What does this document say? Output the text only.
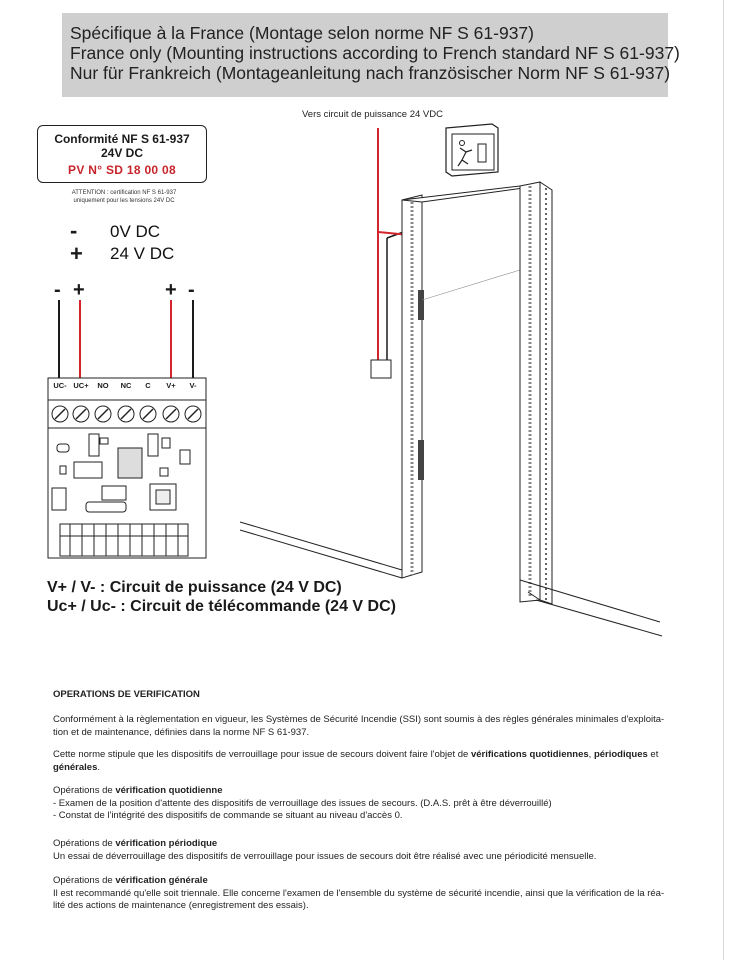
Spécifique à la France (Montage selon norme NF S 61-937)
France only (Mounting instructions according to French standard NF S 61-937)
Nur für Frankreich (Montageanleitung nach französischer Norm NF S 61-937)
Conformité NF S 61-937
24V DC
PV N° SD 18 00 08
ATTENTION : certification NF S 61-937
uniquement pour les tensions 24V DC
- 0V DC
+ 24 V DC
- +	+ -
Vers circuit de puissance 24 VDC
UC- UC+	NO	NC	C	V+	V-
V+ / V- : Circuit de puissance (24 V DC)
Uc+ / Uc- : Circuit de télécommande (24 V DC)
OPERATIONS DE VERIFICATION
Conformément à la règlementation en vigueur, les Systèmes de Sécurité Incendie (SSI) sont soumis à des règles générales minimales d'exploita-
tion et de maintenance, définies dans la norme NF S 61-937.
Cette norme stipule que les dispositifs de verrouillage pour issue de secours doivent faire l'objet de vérifications quotidiennes, périodiques et
générales.
Opérations de vérification quotidienne
- Examen de la position d'attente des dispositifs de verrouillage des issues de secours. (D.A.S. prêt à être déverrouillé)
- Constat de l'intégrité des dispositifs de commande se situant au niveau d'accès 0.
Opérations de vérification périodique
Un essai de déverrouillage des dispositifs de verrouillage pour issues de secours doit être réalisé avec une périodicité mensuelle.
Opérations de vérification générale
Il est recommandé qu'elle soit triennale. Elle concerne l'examen de l'ensemble du système de sécurité incendie, ainsi que la vérification de la réa-
lité des actions de maintenance (enregistrement des essais).
